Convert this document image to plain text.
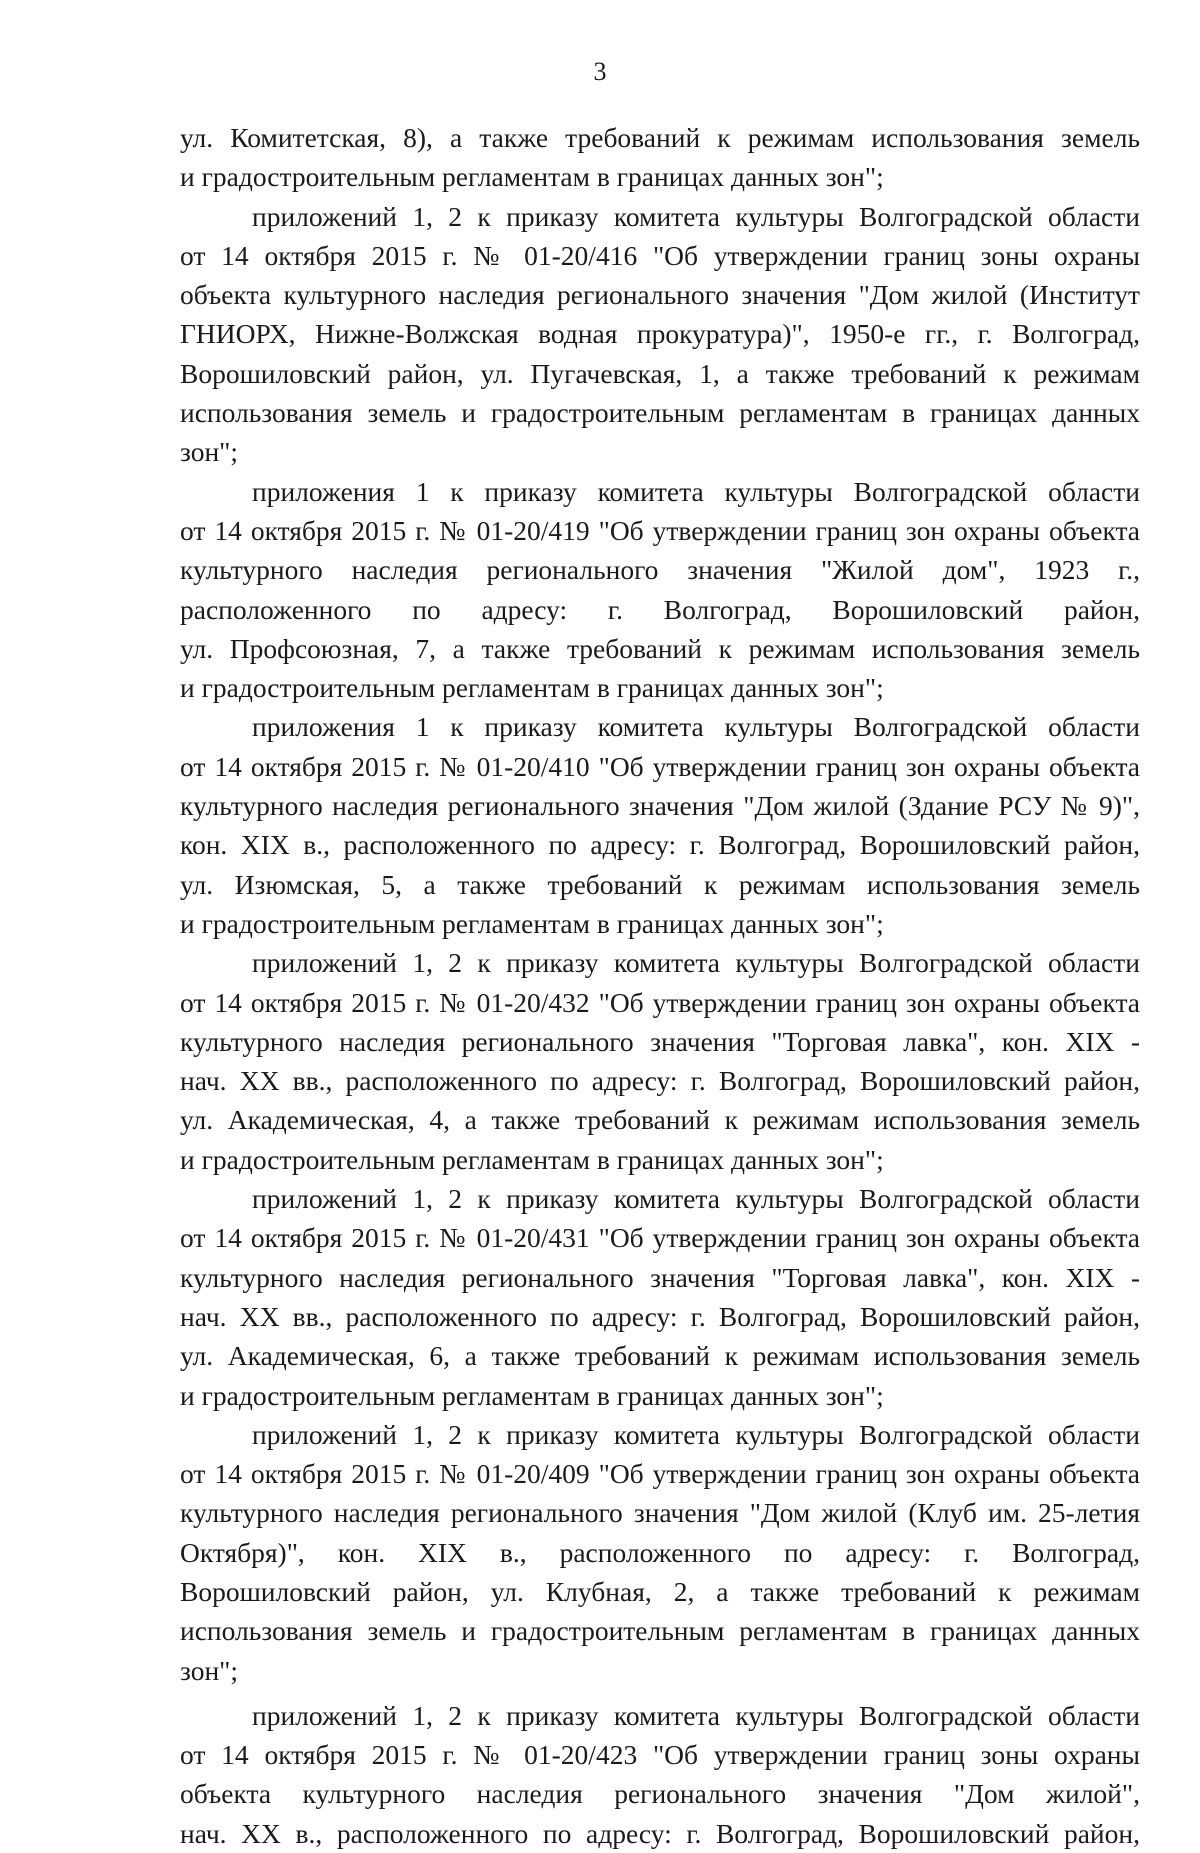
3
ул. Комитетская, 8), а также требований к режимам использования земель
и градостроительным регламентам в границах данных зон";
приложений 1, 2 к приказу комитета культуры Волгоградской области
от 14 октября 2015 г. № 01-20/416 "Об утверждении границ зоны охраны
объекта культурного наследия регионального значения "Дом жилой (Институт
ГНИОРХ, Нижне-Волжская водная прокуратура)", 1950-е гг., г. Волгоград,
Ворошиловский район, ул. Пугачевская, 1, а также требований к режимам
использования земель и градостроительным регламентам в границах данных
зон";
приложения 1 к приказу комитета культуры Волгоградской области
от 14 октября 2015 г. № 01-20/419 "Об утверждении границ зон охраны объекта
культурного наследия регионального значения "Жилой дом", 1923 г.,
расположенного по адресу: г. Волгоград, Ворошиловский район,
ул. Профсоюзная, 7, а также требований к режимам использования земель
и градостроительным регламентам в границах данных зон";
приложения 1 к приказу комитета культуры Волгоградской области
от 14 октября 2015 г. № 01-20/410 "Об утверждении границ зон охраны объекта
культурного наследия регионального значения "Дом жилой (Здание РСУ № 9)",
кон. XIX в., расположенного по адресу: г. Волгоград, Ворошиловский район,
ул. Изюмская, 5, а также требований к режимам использования земель
и градостроительным регламентам в границах данных зон";
приложений 1, 2 к приказу комитета культуры Волгоградской области
от 14 октября 2015 г. № 01-20/432 "Об утверждении границ зон охраны объекта
культурного наследия регионального значения "Торговая лавка", кон. XIX -
нач. XX вв., расположенного по адресу: г. Волгоград, Ворошиловский район,
ул. Академическая, 4, а также требований к режимам использования земель
и градостроительным регламентам в границах данных зон";
приложений 1, 2 к приказу комитета культуры Волгоградской области
от 14 октября 2015 г. № 01-20/431 "Об утверждении границ зон охраны объекта
культурного наследия регионального значения "Торговая лавка", кон. XIX -
нач. XX вв., расположенного по адресу: г. Волгоград, Ворошиловский район,
ул. Академическая, 6, а также требований к режимам использования земель
и градостроительным регламентам в границах данных зон";
приложений 1, 2 к приказу комитета культуры Волгоградской области
от 14 октября 2015 г. № 01-20/409 "Об утверждении границ зон охраны объекта
культурного наследия регионального значения "Дом жилой (Клуб им. 25-летия
Октября)", кон. XIX в., расположенного по адресу: г. Волгоград,
Ворошиловский район, ул. Клубная, 2, а также требований к режимам
использования земель и градостроительным регламентам в границах данных
зон";
приложений 1, 2 к приказу комитета культуры Волгоградской области
от 14 октября 2015 г. № 01-20/423 "Об утверждении границ зоны охраны
объекта культурного наследия регионального значения "Дом жилой",
нач. XX в., расположенного по адресу: г. Волгоград, Ворошиловский район,
